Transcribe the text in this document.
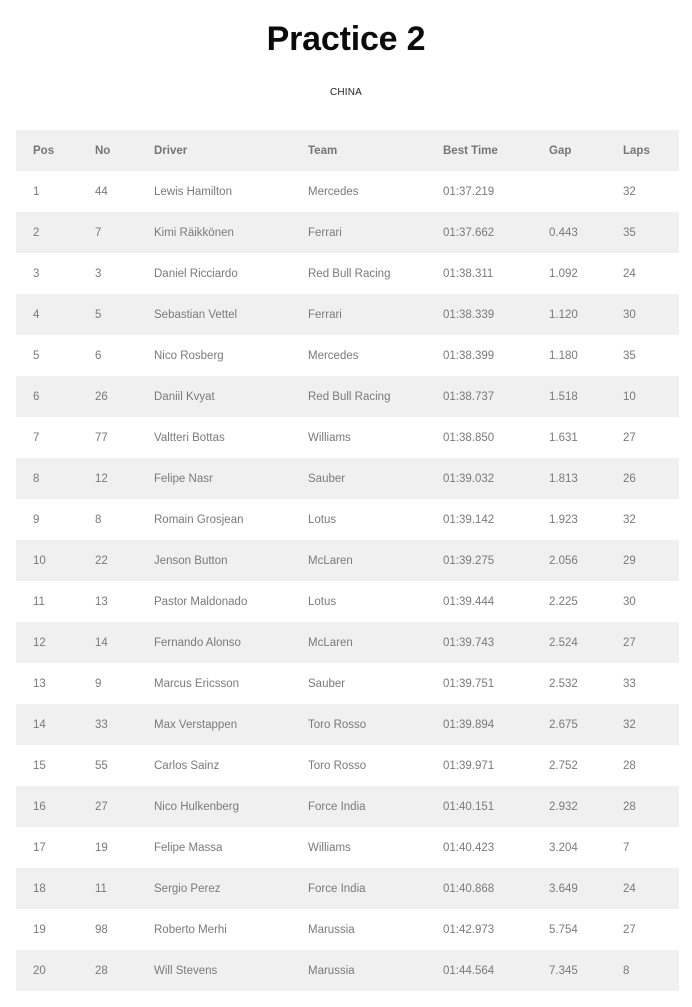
Practice 2
CHINA
Pos	No	Driver	Team	Best Time	Gap	Laps
1	44	Lewis Hamilton	Mercedes	01:37.219		32
2	7	Kimi Räikkönen	Ferrari	01:37.662	0.443	35
3	3	Daniel Ricciardo	Red Bull Racing	01:38.311	1.092	24
4	5	Sebastian Vettel	Ferrari	01:38.339	1.120	30
5	6	Nico Rosberg	Mercedes	01:38.399	1.180	35
6	26	Daniil Kvyat	Red Bull Racing	01:38.737	1.518	10
7	77	Valtteri Bottas	Williams	01:38.850	1.631	27
8	12	Felipe Nasr	Sauber	01:39.032	1.813	26
9	8	Romain Grosjean	Lotus	01:39.142	1.923	32
10	22	Jenson Button	McLaren	01:39.275	2.056	29
11	13	Pastor Maldonado	Lotus	01:39.444	2.225	30
12	14	Fernando Alonso	McLaren	01:39.743	2.524	27
13	9	Marcus Ericsson	Sauber	01:39.751	2.532	33
14	33	Max Verstappen	Toro Rosso	01:39.894	2.675	32
15	55	Carlos Sainz	Toro Rosso	01:39.971	2.752	28
16	27	Nico Hulkenberg	Force India	01:40.151	2.932	28
17	19	Felipe Massa	Williams	01:40.423	3.204	7
18	11	Sergio Perez	Force India	01:40.868	3.649	24
19	98	Roberto Merhi	Marussia	01:42.973	5.754	27
20	28	Will Stevens	Marussia	01:44.564	7.345	8
